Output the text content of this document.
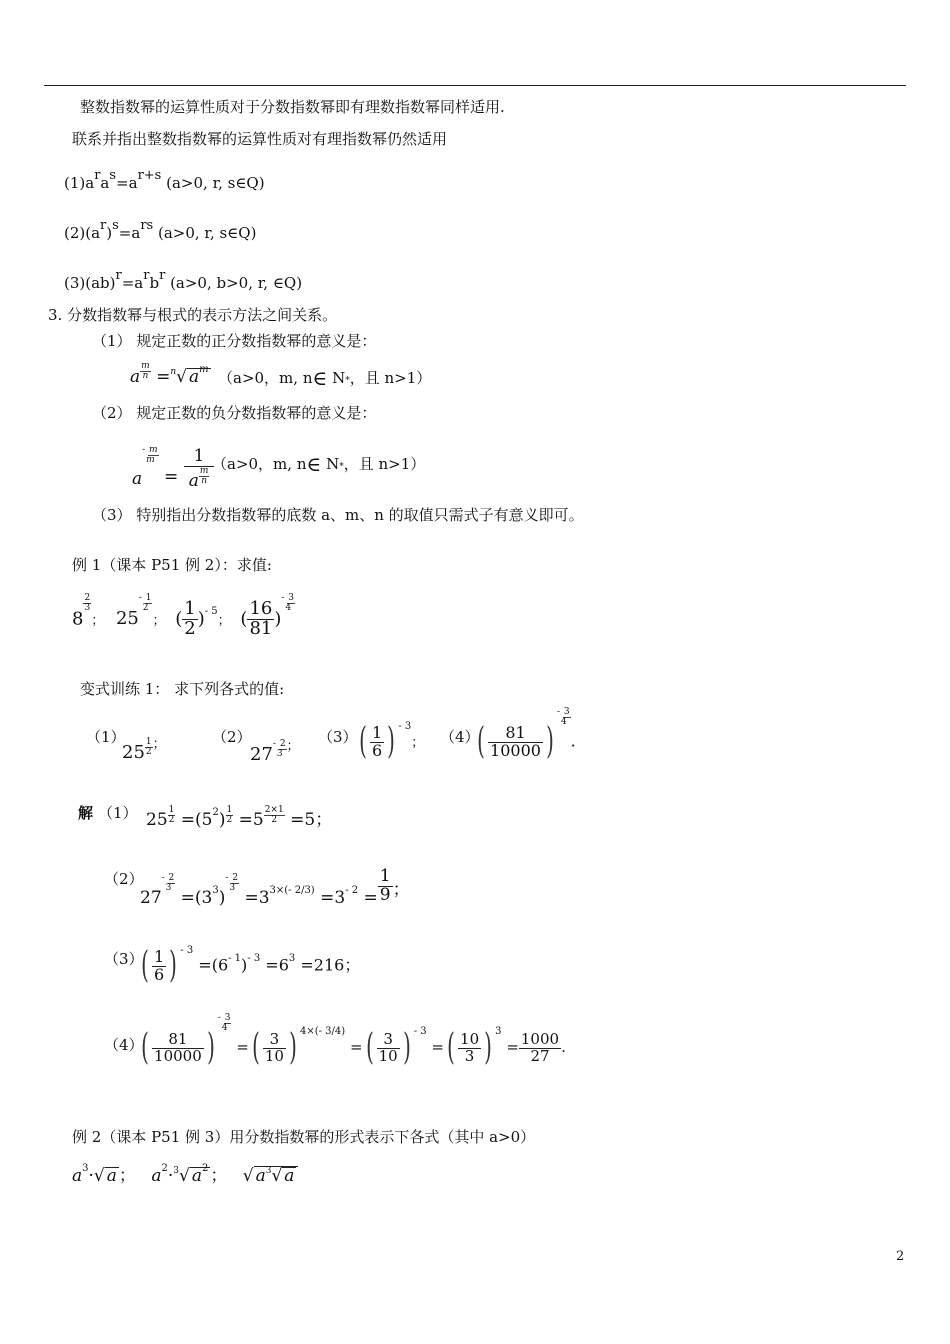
整数指数幂的运算性质对于分数指数幂即有理数指数幂同样适用.
联系并指出整数指数幂的运算性质对有理指数幂仍然适用
(1)aras=ar+s (a>0, r, s∈Q)
(2)(ar)s=ars (a>0, r, s∈Q)
(3)(ab)r=arbr (a>0, b>0, r, ∈Q)
3. 分数指数幂与根式的表示方法之间关系。
（1） 规定正数的正分数指数幂的意义是：
a $\frac{m}{n} =^n√$ $a^m$ （a>0，m, n∈ N*，且 n>1）
（2） 规定正数的负分数指数幂的意义是：
a- m
m
= $\frac{1}{a \frac{m}{n}}$
（a>0，m, n∈ N*，且 n>1）
（3） 特别指出分数指数幂的底数 a、m、n 的取值只需式子有意义即可。
例 1（课本 P51 例 2）：求值:
8
$\frac{2}{3}$
； 25- 1
2
； ( $\frac{1}{2} )^{- 5}$； ( $\frac{16}{81}$ )- 3
4
变式训练 1： 求下列各式的值:
（1）
$25 \frac{1}{2} ^;$	（2）
27- 2
3 ；
（3） ( $\frac{1}{6}$ ) $^{- 3}$； （4）
( $\frac{81}{10000}$ )- 3
4
.
解 （1） $25 \frac{1}{2} =(5^2) \frac{1}{2} =5 \frac{2\times 1}{2} =5$；
（2）
27- 2
$3 =(3^3)-$ 2
$3 =3^{3\times(- 2/3)} =3^{- 2} = \frac{1}{9}$ ；
（3）
( $\frac{1}{6}$ ) $^{- 3} =(6^{- 1})^{- 3} =6^3 =216$；
（4）
( $\frac{81}{10000}$ )- 3
4
=( $\frac{3}{10}$ ) $^{4\times(- 3/4)}$ =( $\frac{3}{10}$ ) $^{- 3}$ =( $\frac{10}{3}$ ) $^3 = \frac{1000}{27}$ .
例 2（课本 P51 例 3）用分数指数幂的形式表示下各式（其中 a>0）
$a^3\cdot√$ a ； $a^2\cdot^3√$ $a^2$ ； √ $a^3√$ a
2
